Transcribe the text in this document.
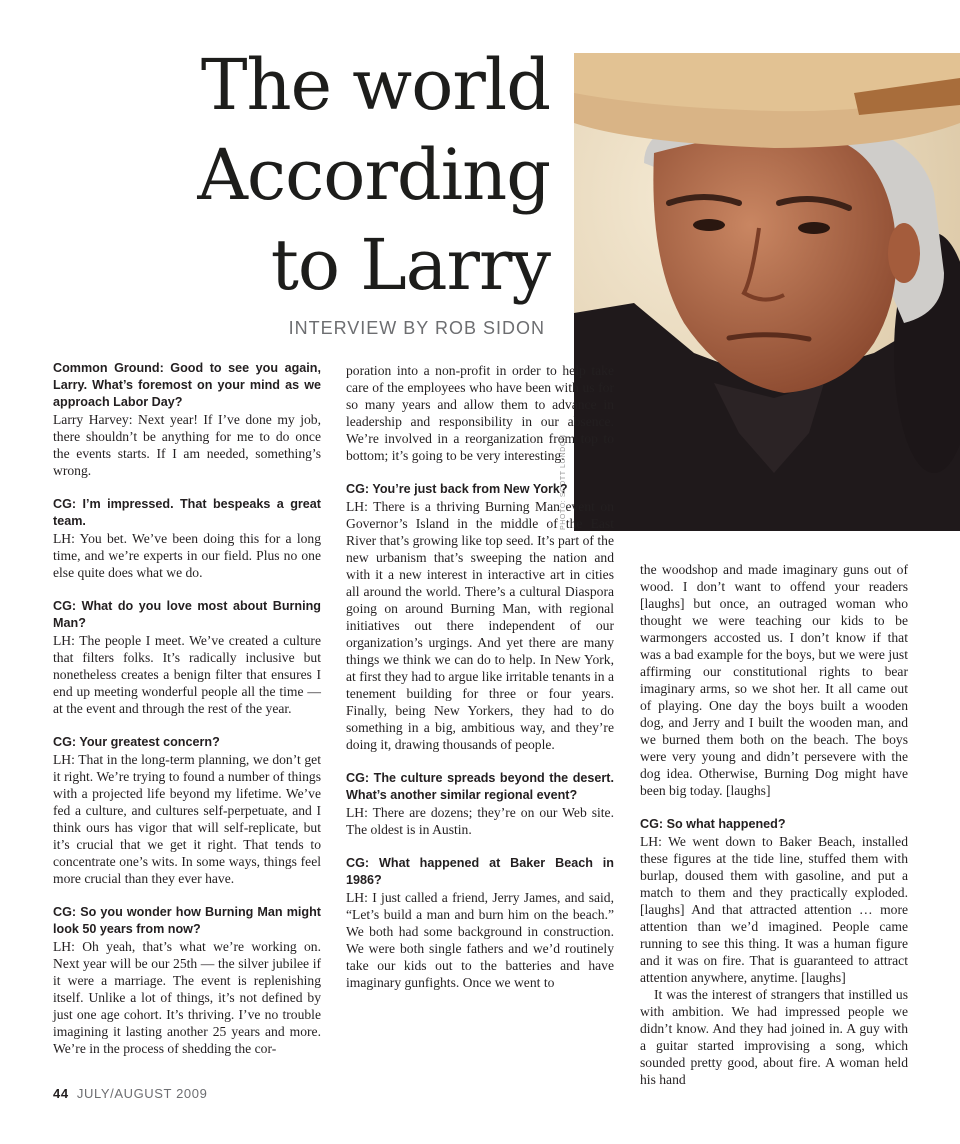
The world
According
to Larry

INTERVIEW BY ROB SIDON

PHOTO: SCOTT LONDON

Common Ground: Good to see you again, Larry. What’s foremost on your mind as we approach Labor Day?

Larry Harvey: Next year! If I’ve done my job, there shouldn’t be anything for me to do once the events starts. If I am needed, something’s wrong.

CG: I’m impressed. That bespeaks a great team.

LH: You bet. We’ve been doing this for a long time, and we’re experts in our field. Plus no one else quite does what we do.

CG: What do you love most about Burning Man?

LH: The people I meet. We’ve created a culture that filters folks. It’s radically inclusive but nonetheless creates a benign filter that ensures I end up meeting wonderful people all the time — at the event and through the rest of the year.

CG: Your greatest concern?

LH: That in the long-term planning, we don’t get it right. We’re trying to found a number of things with a projected life beyond my lifetime. We’ve fed a culture, and cultures self-perpetuate, and I think ours has vigor that will self-replicate, but it’s crucial that we get it right. That tends to concentrate one’s wits. In some ways, things feel more crucial than they ever have.

CG: So you wonder how Burning Man might look 50 years from now?

LH: Oh yeah, that’s what we’re working on. Next year will be our 25th — the silver jubilee if it were a marriage. The event is replenishing itself. Unlike a lot of things, it’s not defined by just one age cohort. It’s thriving. I’ve no trouble imagining it lasting another 25 years and more. We’re in the process of shedding the cor-

poration into a non-profit in order to help take care of the employees who have been with us for so many years and allow them to advance in leadership and responsibility in our absence. We’re involved in a reorganization from top to bottom; it’s going to be very interesting.

CG: You’re just back from New York?

LH: There is a thriving Burning Man event on Governor’s Island in the middle of the East River that’s growing like top seed. It’s part of the new urbanism that’s sweeping the nation and with it a new interest in interactive art in cities all around the world. There’s a cultural Diaspora going on around Burning Man, with regional initiatives out there independent of our organization’s urgings. And yet there are many things we think we can do to help. In New York, at first they had to argue like irritable tenants in a tenement building for three or four years. Finally, being New Yorkers, they had to do something in a big, ambitious way, and they’re doing it, drawing thousands of people.

CG: The culture spreads beyond the desert. What’s another similar regional event?

LH: There are dozens; they’re on our Web site. The oldest is in Austin.

CG: What happened at Baker Beach in 1986?

LH: I just called a friend, Jerry James, and said, “Let’s build a man and burn him on the beach.” We both had some background in construction. We were both single fathers and we’d routinely take our kids out to the batteries and have imaginary gunfights. Once we went to

the woodshop and made imaginary guns out of wood. I don’t want to offend your readers [laughs] but once, an outraged woman who thought we were teaching our kids to be warmongers accosted us. I don’t know if that was a bad example for the boys, but we were just affirming our constitutional rights to bear imaginary arms, so we shot her. It all came out of playing. One day the boys built a wooden dog, and Jerry and I built the wooden man, and we burned them both on the beach. The boys were very young and didn’t persevere with the dog idea. Otherwise, Burning Dog might have been big today. [laughs]

CG: So what happened?

LH: We went down to Baker Beach, installed these figures at the tide line, stuffed them with burlap, doused them with gasoline, and put a match to them and they practically exploded. [laughs] And that attracted attention … more attention than we’d imagined. People came running to see this thing. It was a human figure and it was on fire. That is guaranteed to attract attention anywhere, anytime. [laughs]

It was the interest of strangers that instilled us with ambition. We had impressed people we didn’t know. And they had joined in. A guy with a guitar started improvising a song, which sounded pretty good, about fire. A woman held his hand

44 JULY/AUGUST 2009
